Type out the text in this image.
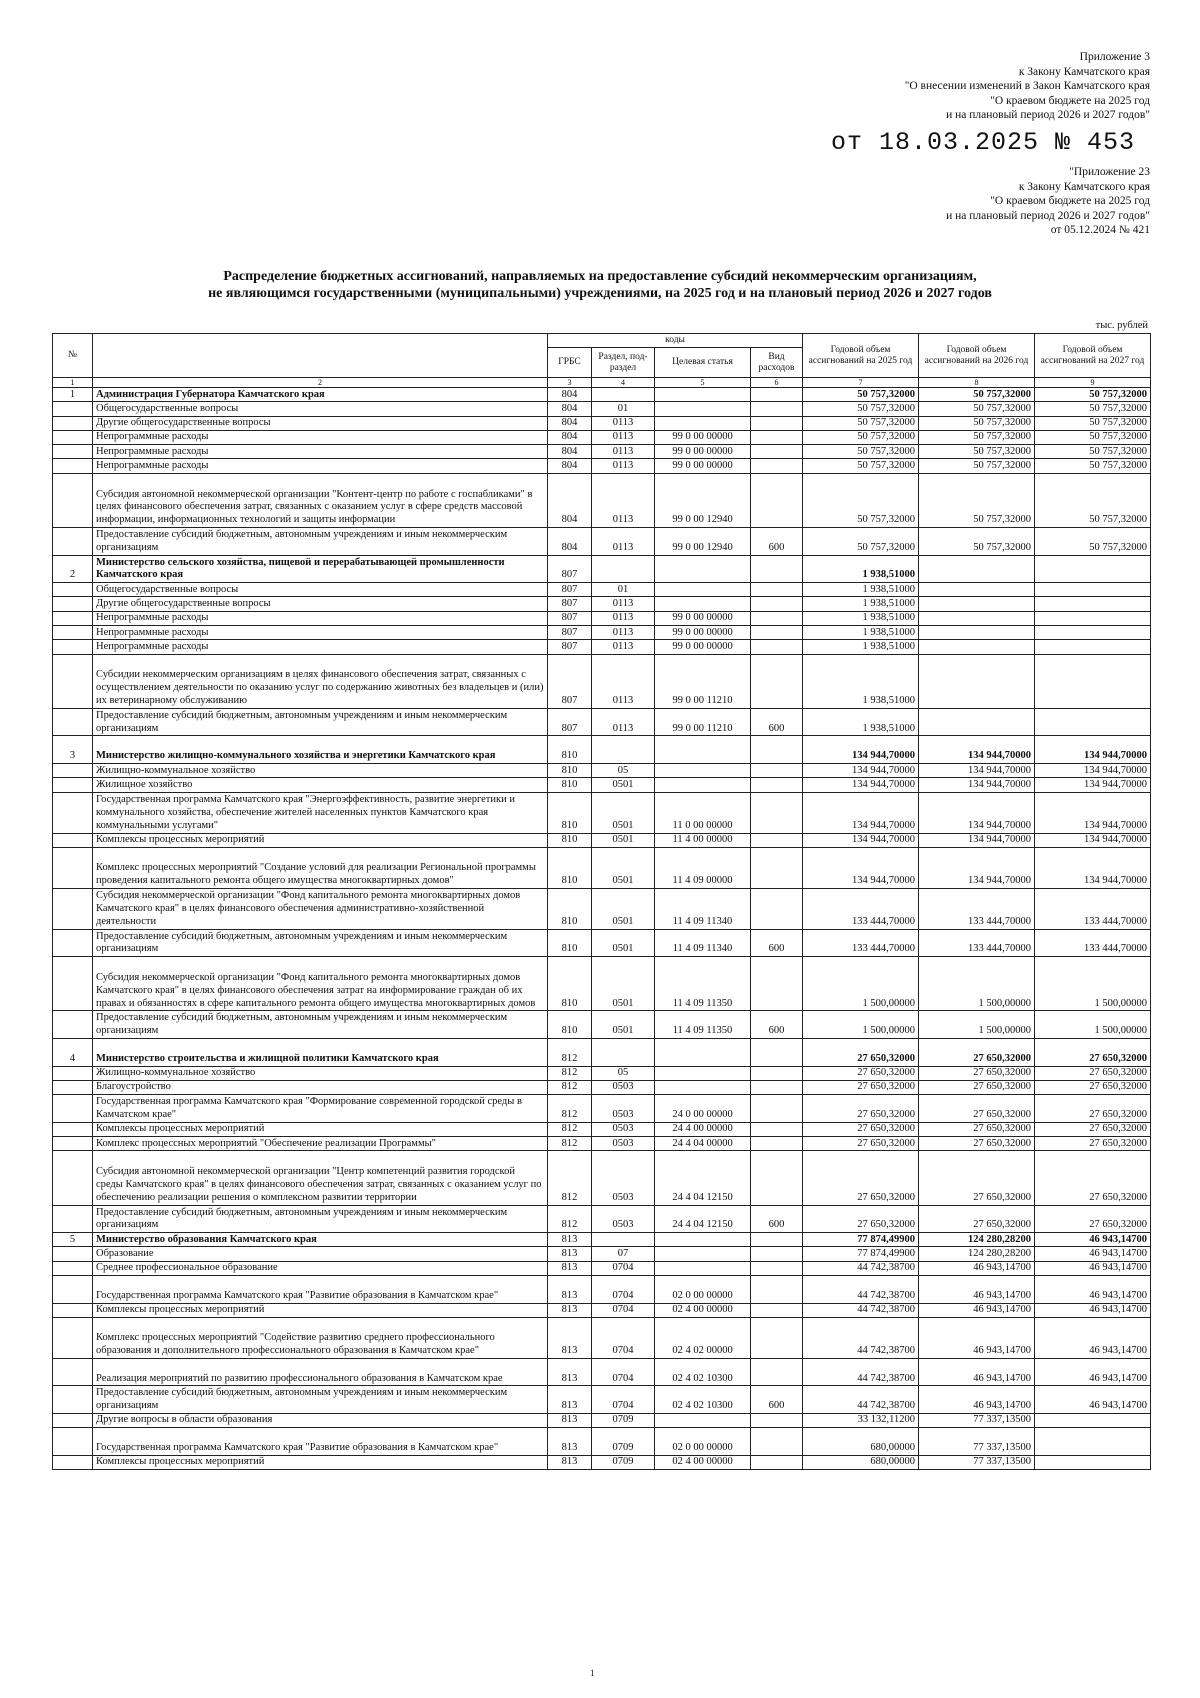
Приложение 3
к Закону Камчатского края
"О внесении изменений в Закон Камчатского края
"О краевом бюджете на 2025 год
и на плановый период 2026 и 2027 годов"
от 18.03.2025 № 453
"Приложение 23
к Закону Камчатского края
"О краевом бюджете на 2025 год
и на плановый период 2026 и 2027 годов"
от 05.12.2024 № 421
Распределение бюджетных ассигнований, направляемых на предоставление субсидий некоммерческим организациям,
не являющимся государственными (муниципальными) учреждениями, на 2025 год и на плановый период 2026 и 2027 годов
тыс. рублей
№		коды				Годовой объем ассигнований на 2025 год	Годовой объем ассигнований на 2026 год	Годовой объем ассигнований на 2027 год
		ГРБС	Раздел, под-раздел	Целевая статья	Вид расходов			
1	2	3	4	5	6	7	8	9
1	Администрация Губернатора Камчатского края	804				50 757,32000	50 757,32000	50 757,32000
	Общегосударственные вопросы	804	01			50 757,32000	50 757,32000	50 757,32000
	Другие общегосударственные вопросы	804	0113			50 757,32000	50 757,32000	50 757,32000
	Непрограммные расходы	804	0113	99 0 00 00000		50 757,32000	50 757,32000	50 757,32000
	Непрограммные расходы	804	0113	99 0 00 00000		50 757,32000	50 757,32000	50 757,32000
	Непрограммные расходы	804	0113	99 0 00 00000		50 757,32000	50 757,32000	50 757,32000
	Субсидия автономной некоммерческой организации "Контент-центр по работе с госпабликами" в целях финансового обеспечения затрат, связанных с оказанием услуг в сфере средств массовой информации, информационных технологий и защиты информации	804	0113	99 0 00 12940		50 757,32000	50 757,32000	50 757,32000
	Предоставление субсидий бюджетным, автономным учреждениям и иным некоммерческим организациям	804	0113	99 0 00 12940	600	50 757,32000	50 757,32000	50 757,32000
2	Министерство сельского хозяйства, пищевой и перерабатывающей промышленности Камчатского края	807				1 938,51000		
	Общегосударственные вопросы	807	01			1 938,51000		
	Другие общегосударственные вопросы	807	0113			1 938,51000		
	Непрограммные расходы	807	0113	99 0 00 00000		1 938,51000		
	Непрограммные расходы	807	0113	99 0 00 00000		1 938,51000		
	Непрограммные расходы	807	0113	99 0 00 00000		1 938,51000		
	Субсидии некоммерческим организациям в целях финансового обеспечения затрат, связанных с осуществлением деятельности по оказанию услуг по содержанию животных без владельцев и (или) их ветеринарному обслуживанию	807	0113	99 0 00 11210		1 938,51000		
	Предоставление субсидий бюджетным, автономным учреждениям и иным некоммерческим организациям	807	0113	99 0 00 11210	600	1 938,51000		
3	Министерство жилищно-коммунального хозяйства и энергетики Камчатского края	810				134 944,70000	134 944,70000	134 944,70000
	Жилищно-коммунальное хозяйство	810	05			134 944,70000	134 944,70000	134 944,70000
	Жилищное хозяйство	810	0501			134 944,70000	134 944,70000	134 944,70000
	Государственная программа Камчатского края "Энергоэффективность, развитие энергетики и коммунального хозяйства, обеспечение жителей населенных пунктов Камчатского края коммунальными услугами"	810	0501	11 0 00 00000		134 944,70000	134 944,70000	134 944,70000
	Комплексы процессных мероприятий	810	0501	11 4 00 00000		134 944,70000	134 944,70000	134 944,70000
	Комплекс процессных мероприятий "Создание условий для реализации Региональной программы проведения капитального ремонта общего имущества многоквартирных домов"	810	0501	11 4 09 00000		134 944,70000	134 944,70000	134 944,70000
	Субсидия некоммерческой организации "Фонд капитального ремонта многоквартирных домов Камчатского края" в целях финансового обеспечения административно-хозяйственной деятельности	810	0501	11 4 09 11340		133 444,70000	133 444,70000	133 444,70000
	Предоставление субсидий бюджетным, автономным учреждениям и иным некоммерческим организациям	810	0501	11 4 09 11340	600	133 444,70000	133 444,70000	133 444,70000
	Субсидия некоммерческой организации "Фонд капитального ремонта многоквартирных домов Камчатского края" в целях финансового обеспечения затрат на информирование граждан об их правах и обязанностях в сфере капитального ремонта общего имущества многоквартирных домов	810	0501	11 4 09 11350		1 500,00000	1 500,00000	1 500,00000
	Предоставление субсидий бюджетным, автономным учреждениям и иным некоммерческим организациям	810	0501	11 4 09 11350	600	1 500,00000	1 500,00000	1 500,00000
4	Министерство строительства и жилищной политики Камчатского края	812				27 650,32000	27 650,32000	27 650,32000
	Жилищно-коммунальное хозяйство	812	05			27 650,32000	27 650,32000	27 650,32000
	Благоустройство	812	0503			27 650,32000	27 650,32000	27 650,32000
	Государственная программа Камчатского края "Формирование современной городской среды в Камчатском крае"	812	0503	24 0 00 00000		27 650,32000	27 650,32000	27 650,32000
	Комплексы процессных мероприятий	812	0503	24 4 00 00000		27 650,32000	27 650,32000	27 650,32000
	Комплекс процессных мероприятий "Обеспечение реализации Программы"	812	0503	24 4 04 00000		27 650,32000	27 650,32000	27 650,32000
	Субсидия автономной некоммерческой организации "Центр компетенций развития городской среды Камчатского края" в целях финансового обеспечения затрат, связанных с оказанием услуг по обеспечению реализации решения о комплексном развитии территории	812	0503	24 4 04 12150		27 650,32000	27 650,32000	27 650,32000
	Предоставление субсидий бюджетным, автономным учреждениям и иным некоммерческим организациям	812	0503	24 4 04 12150	600	27 650,32000	27 650,32000	27 650,32000
5	Министерство образования Камчатского края	813				77 874,49900	124 280,28200	46 943,14700
	Образование	813	07			77 874,49900	124 280,28200	46 943,14700
	Среднее профессиональное образование	813	0704			44 742,38700	46 943,14700	46 943,14700
	Государственная программа Камчатского края "Развитие образования в Камчатском крае"	813	0704	02 0 00 00000		44 742,38700	46 943,14700	46 943,14700
	Комплексы процессных мероприятий	813	0704	02 4 00 00000		44 742,38700	46 943,14700	46 943,14700
	Комплекс процессных мероприятий "Содействие развитию среднего профессионального образования и дополнительного профессионального образования в Камчатском крае"	813	0704	02 4 02 00000		44 742,38700	46 943,14700	46 943,14700
	Реализация мероприятий по развитию профессионального образования в Камчатском крае	813	0704	02 4 02 10300		44 742,38700	46 943,14700	46 943,14700
	Предоставление субсидий бюджетным, автономным учреждениям и иным некоммерческим организациям	813	0704	02 4 02 10300	600	44 742,38700	46 943,14700	46 943,14700
	Другие вопросы в области образования	813	0709			33 132,11200	77 337,13500	
	Государственная программа Камчатского края "Развитие образования в Камчатском крае"	813	0709	02 0 00 00000		680,00000	77 337,13500	
	Комплексы процессных мероприятий	813	0709	02 4 00 00000		680,00000	77 337,13500	
1
